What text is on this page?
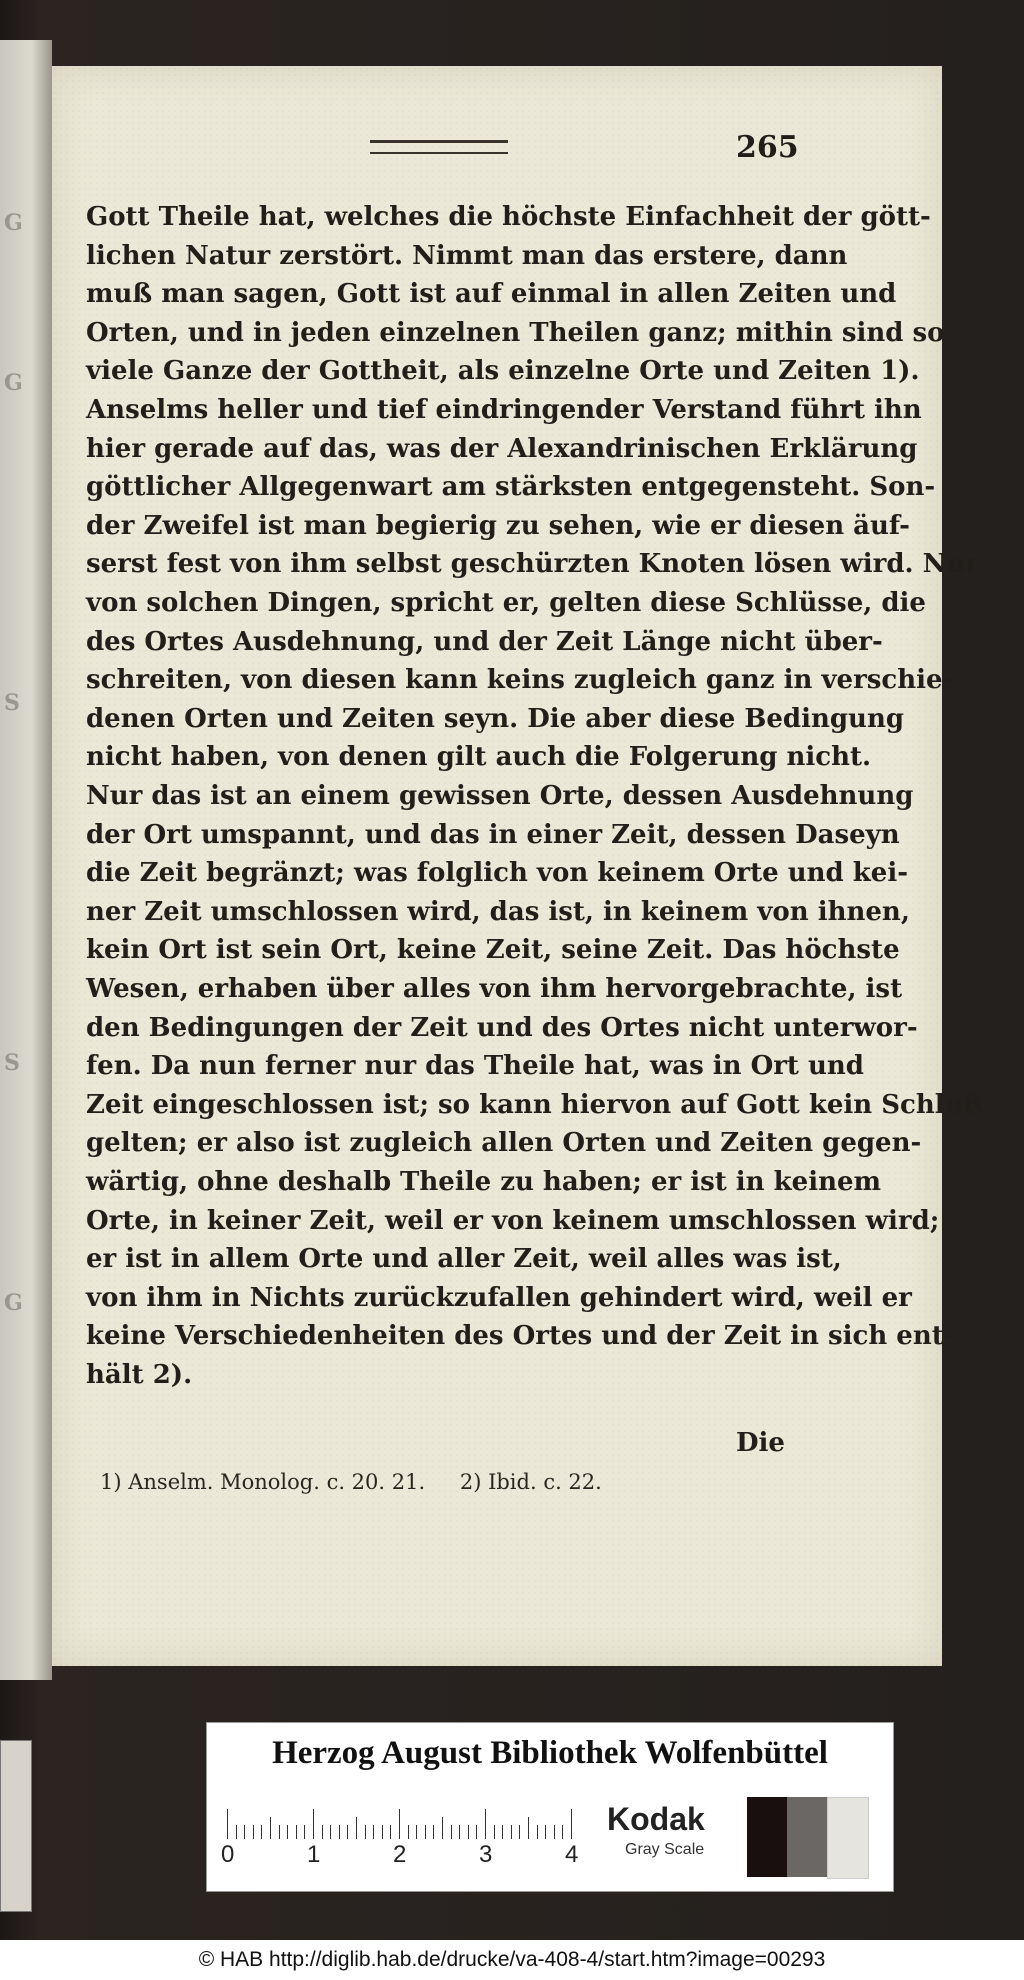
G
G
S
S
G
265
Gott Theile hat, welches die höchste Einfachheit der gött-
lichen Natur zerstört. Nimmt man das erstere, dann
muß man sagen, Gott ist auf einmal in allen Zeiten und
Orten, und in jeden einzelnen Theilen ganz; mithin sind so
viele Ganze der Gottheit, als einzelne Orte und Zeiten 1).
Anselms heller und tief eindringender Verstand führt ihn
hier gerade auf das, was der Alexandrinischen Erklärung
göttlicher Allgegenwart am stärksten entgegensteht. Son-
der Zweifel ist man begierig zu sehen, wie er diesen äuf-
serst fest von ihm selbst geschürzten Knoten lösen wird. Nur
von solchen Dingen, spricht er, gelten diese Schlüsse, die
des Ortes Ausdehnung, und der Zeit Länge nicht über-
schreiten, von diesen kann keins zugleich ganz in verschie-
denen Orten und Zeiten seyn. Die aber diese Bedingung
nicht haben, von denen gilt auch die Folgerung nicht.
Nur das ist an einem gewissen Orte, dessen Ausdehnung
der Ort umspannt, und das in einer Zeit, dessen Daseyn
die Zeit begränzt; was folglich von keinem Orte und kei-
ner Zeit umschlossen wird, das ist, in keinem von ihnen,
kein Ort ist sein Ort, keine Zeit, seine Zeit. Das höchste
Wesen, erhaben über alles von ihm hervorgebrachte, ist
den Bedingungen der Zeit und des Ortes nicht unterwor-
fen. Da nun ferner nur das Theile hat, was in Ort und
Zeit eingeschlossen ist; so kann hiervon auf Gott kein Schluß
gelten; er also ist zugleich allen Orten und Zeiten gegen-
wärtig, ohne deshalb Theile zu haben; er ist in keinem
Orte, in keiner Zeit, weil er von keinem umschlossen wird;
er ist in allem Orte und aller Zeit, weil alles was ist,
von ihm in Nichts zurückzufallen gehindert wird, weil er
keine Verschiedenheiten des Ortes und der Zeit in sich ent-
hält 2).
Die
1) Anselm. Monolog. c. 20. 21. 2) Ibid. c. 22.
Herzog August Bibliothek Wolfenbüttel
0	1	2	3	4
Kodak
Gray Scale
© HAB http://diglib.hab.de/drucke/va-408-4/start.htm?image=00293
